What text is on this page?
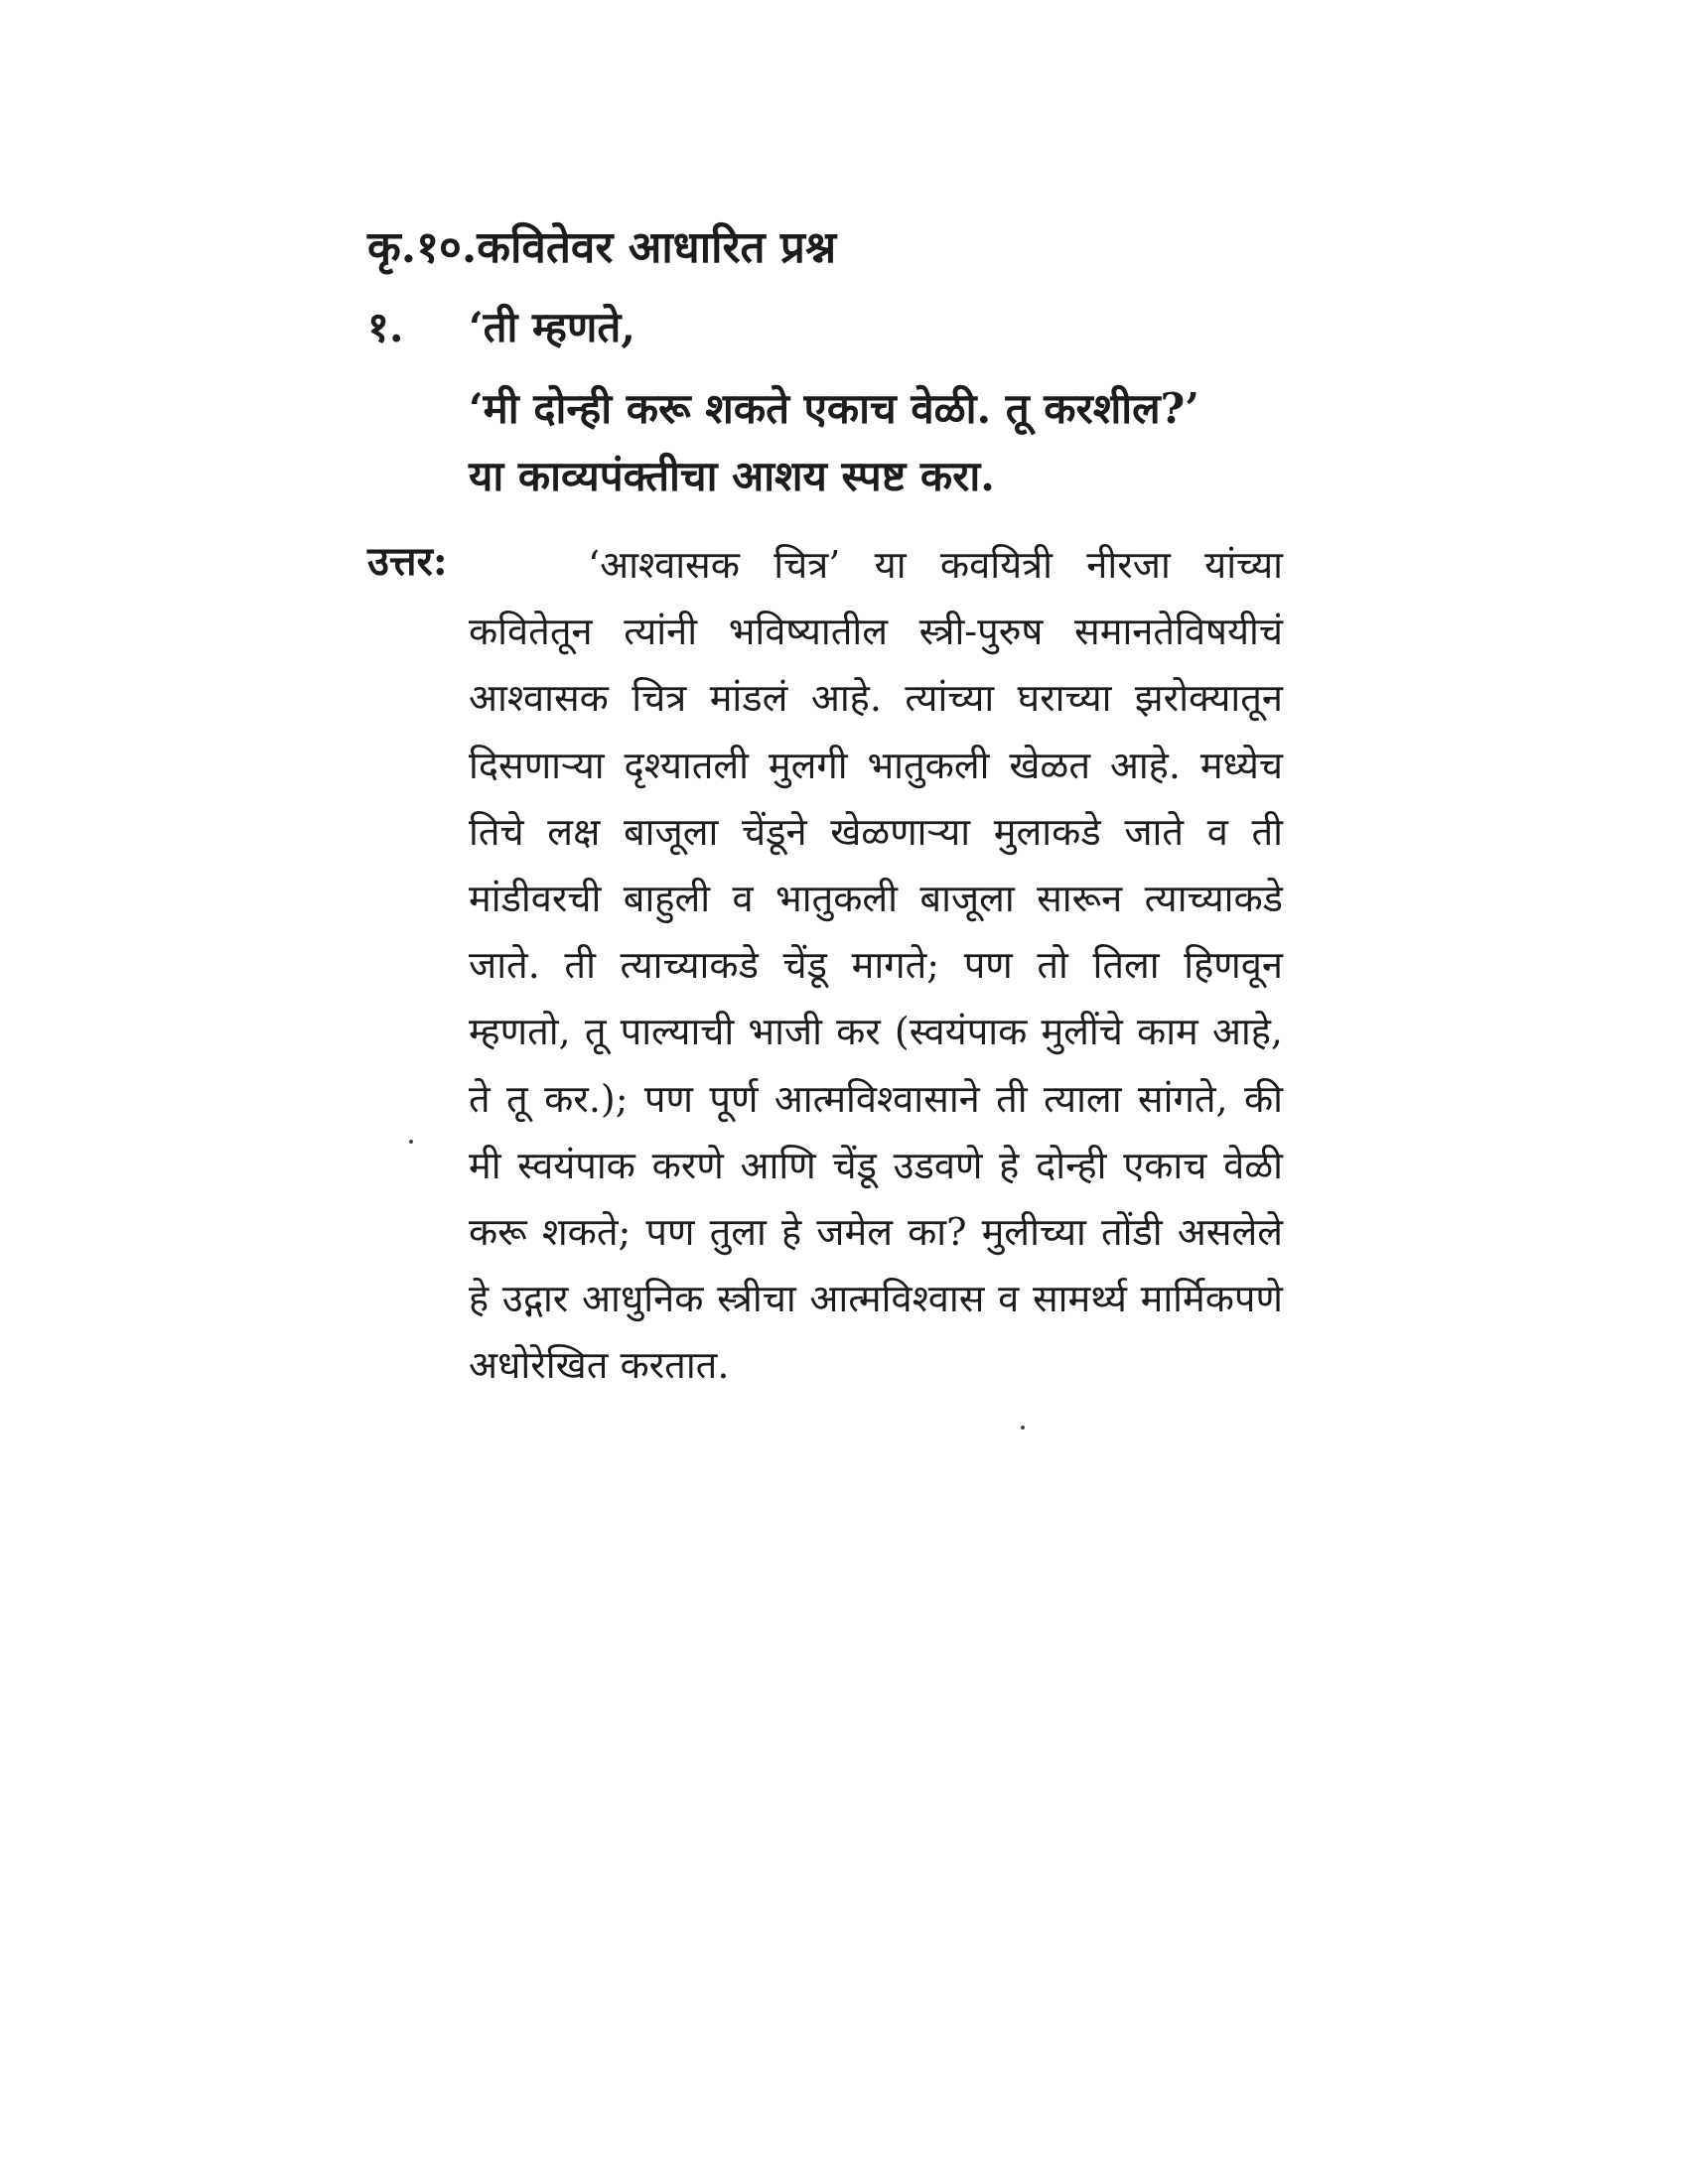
कृ.१०.कवितेवर आधारित प्रश्न
१. ‘ती म्हणते,
‘मी दोन्ही करू शकते एकाच वेळी. तू करशील?’
या काव्यपंक्तीचा आशय स्पष्ट करा.
उत्तर:	‘आश्वासक चित्र’ या कवयित्री नीरजा यांच्या कवितेतून त्यांनी भविष्यातील स्त्री-पुरुष समानतेविषयीचं आश्वासक चित्र मांडलं आहे. त्यांच्या घराच्या झरोक्यातून दिसणाऱ्या दृश्यातली मुलगी भातुकली खेळत आहे. मध्येच तिचे लक्ष बाजूला चेंडूने खेळणाऱ्या मुलाकडे जाते व ती मांडीवरची बाहुली व भातुकली बाजूला सारून त्याच्याकडे जाते. ती त्याच्याकडे चेंडू मागते; पण तो तिला हिणवून म्हणतो, तू पाल्याची भाजी कर (स्वयंपाक मुलींचे काम आहे, ते तू कर.); पण पूर्ण आत्मविश्वासाने ती त्याला सांगते, की मी स्वयंपाक करणे आणि चेंडू उडवणे हे दोन्ही एकाच वेळी करू शकते; पण तुला हे जमेल का? मुलीच्या तोंडी असलेले हे उद्गार आधुनिक स्त्रीचा आत्मविश्वास व सामर्थ्य मार्मिकपणे अधोरेखित करतात.
